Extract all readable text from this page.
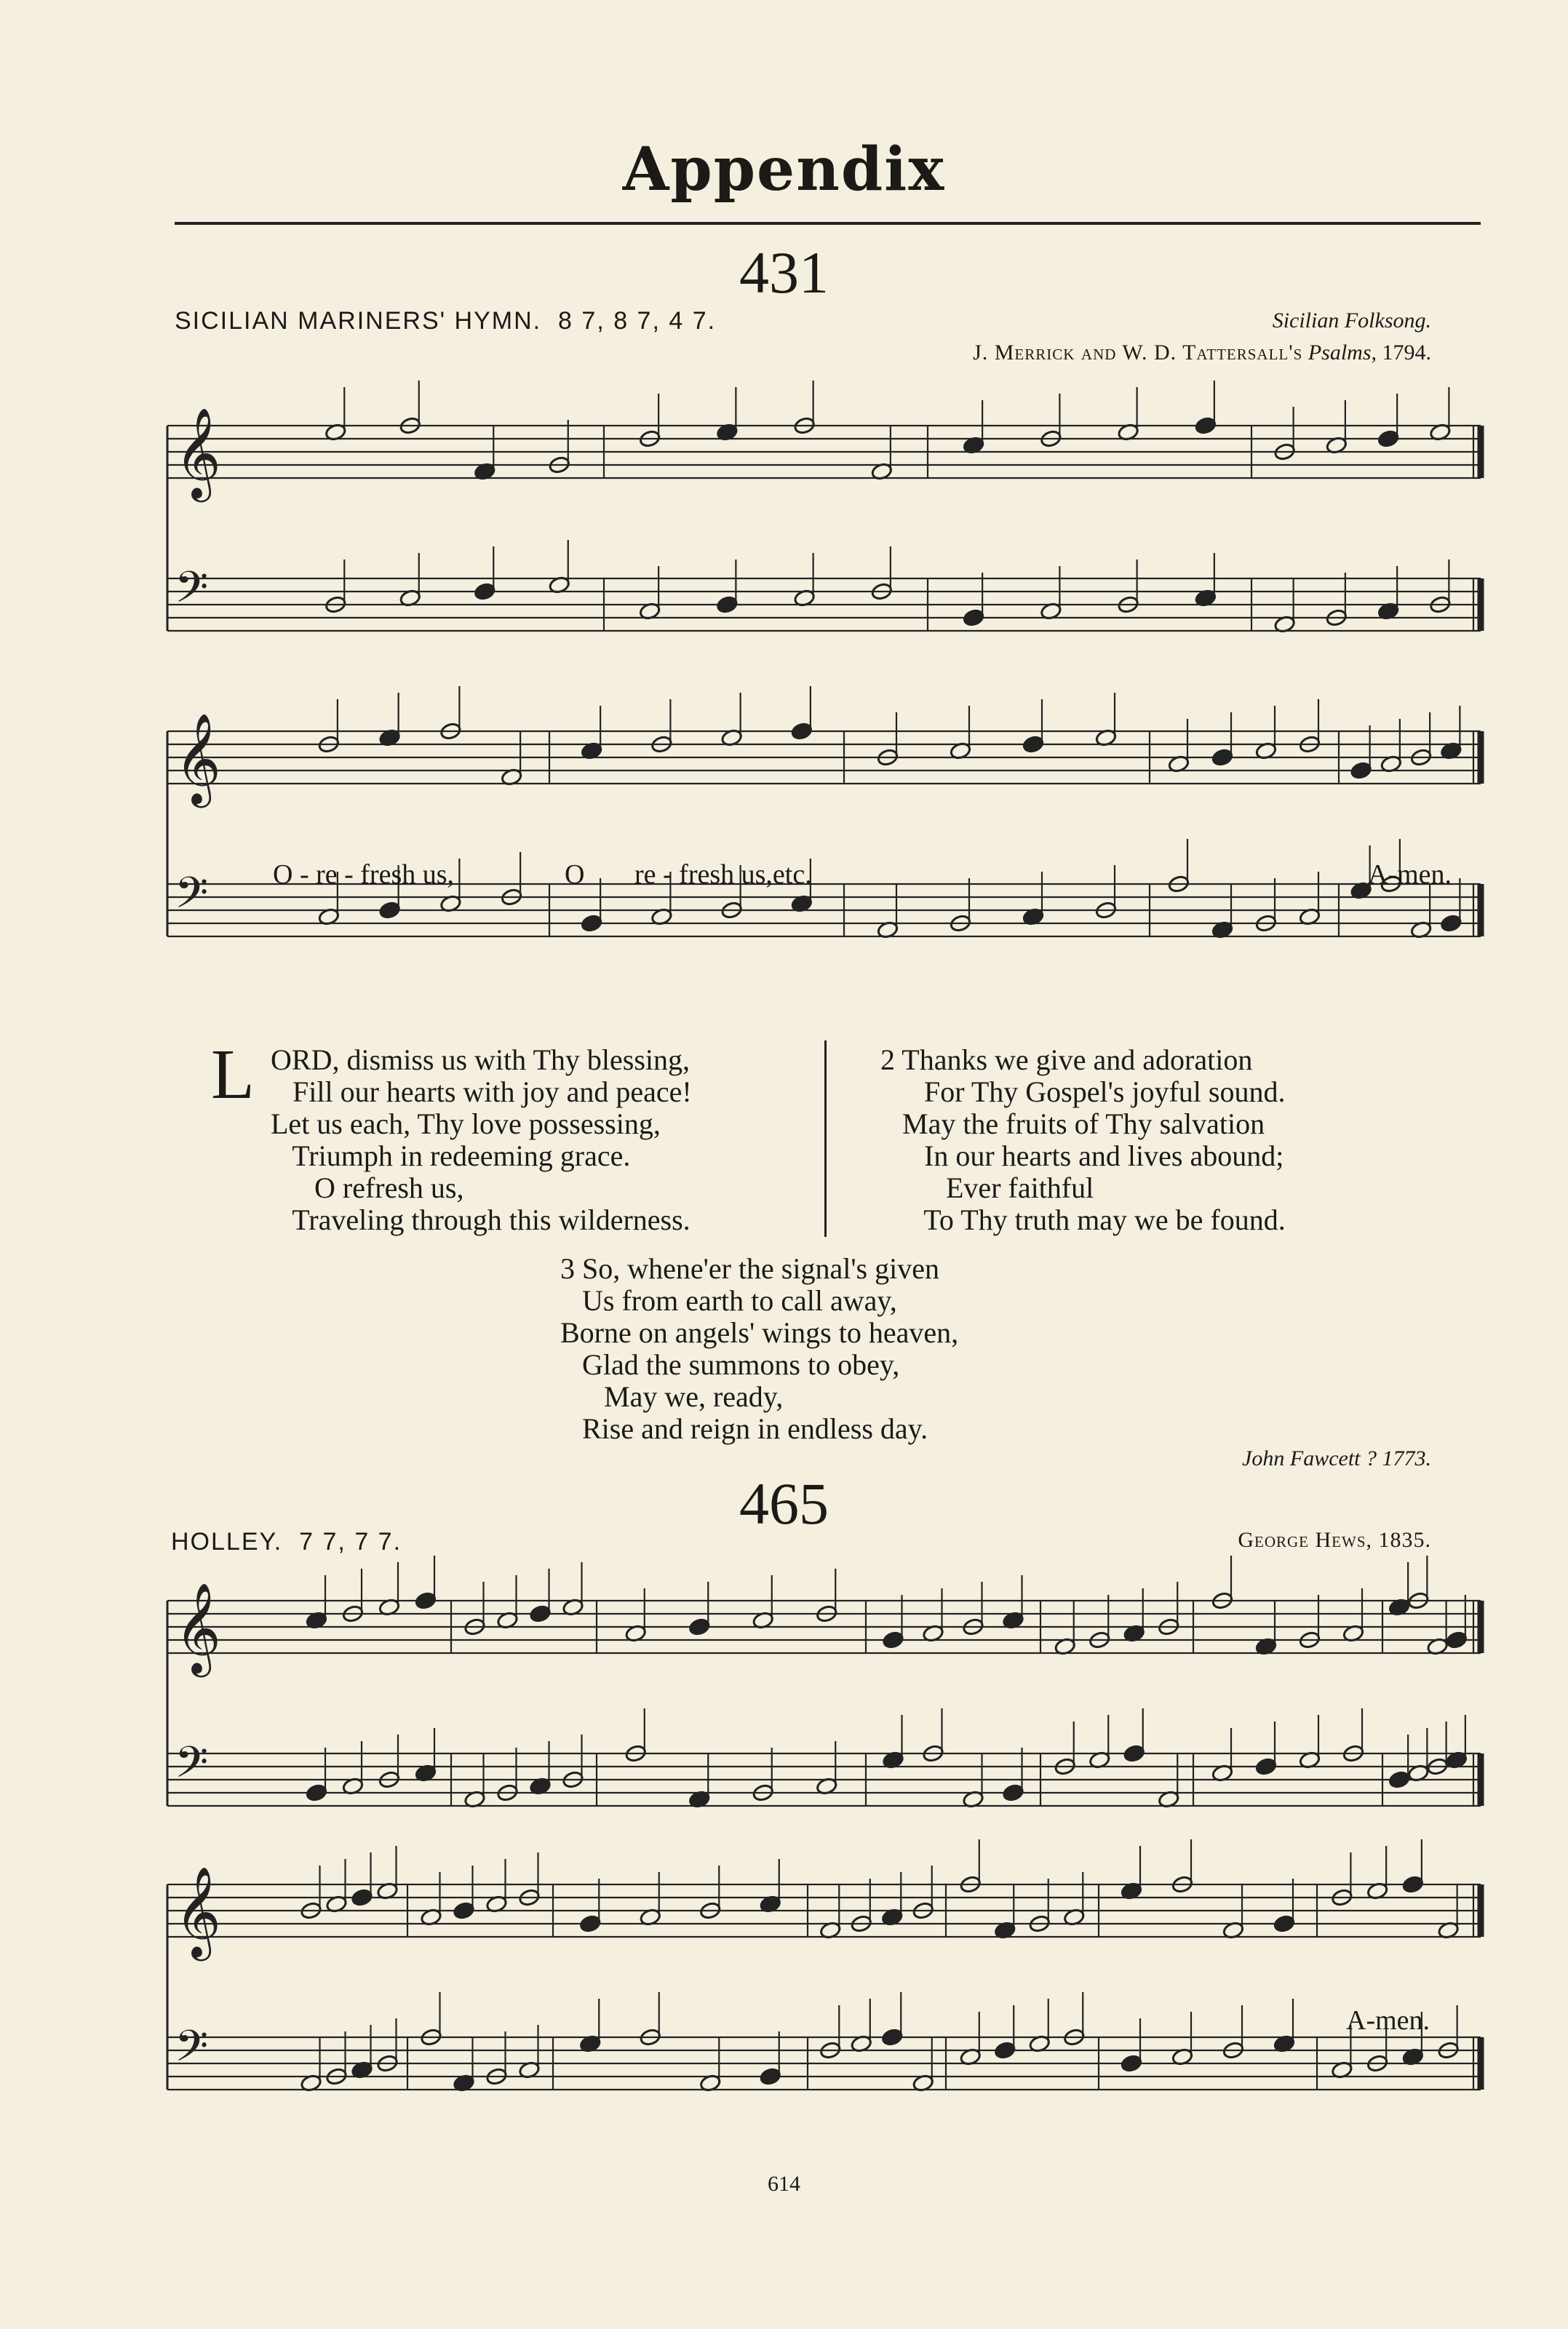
Appendix
431
SICILIAN MARINERS' HYMN. 8 7, 8 7, 4 7.	Sicilian Folksong.
J. Merrick and W. D. Tattersall's Psalms, 1794.
𝄞
𝄢
𝄞
𝄢
𝄞
𝄢
𝄞
𝄢
O - re - fresh us,	O re - fresh us,etc.	A-men.
L ORD, dismiss us with Thy blessing,
Fill our hearts with joy and peace!
Let us each, Thy love possessing,
Triumph in redeeming grace.
O refresh us,
Traveling through this wilderness.
2 Thanks we give and adoration
For Thy Gospel's joyful sound.
May the fruits of Thy salvation
In our hearts and lives abound;
Ever faithful
To Thy truth may we be found.
3 So, whene'er the signal's given
Us from earth to call away,
Borne on angels' wings to heaven,
Glad the summons to obey,
May we, ready,
Rise and reign in endless day.
John Fawcett ? 1773.
465
HOLLEY. 7 7, 7 7.	George Hews, 1835.
A-men.
614
